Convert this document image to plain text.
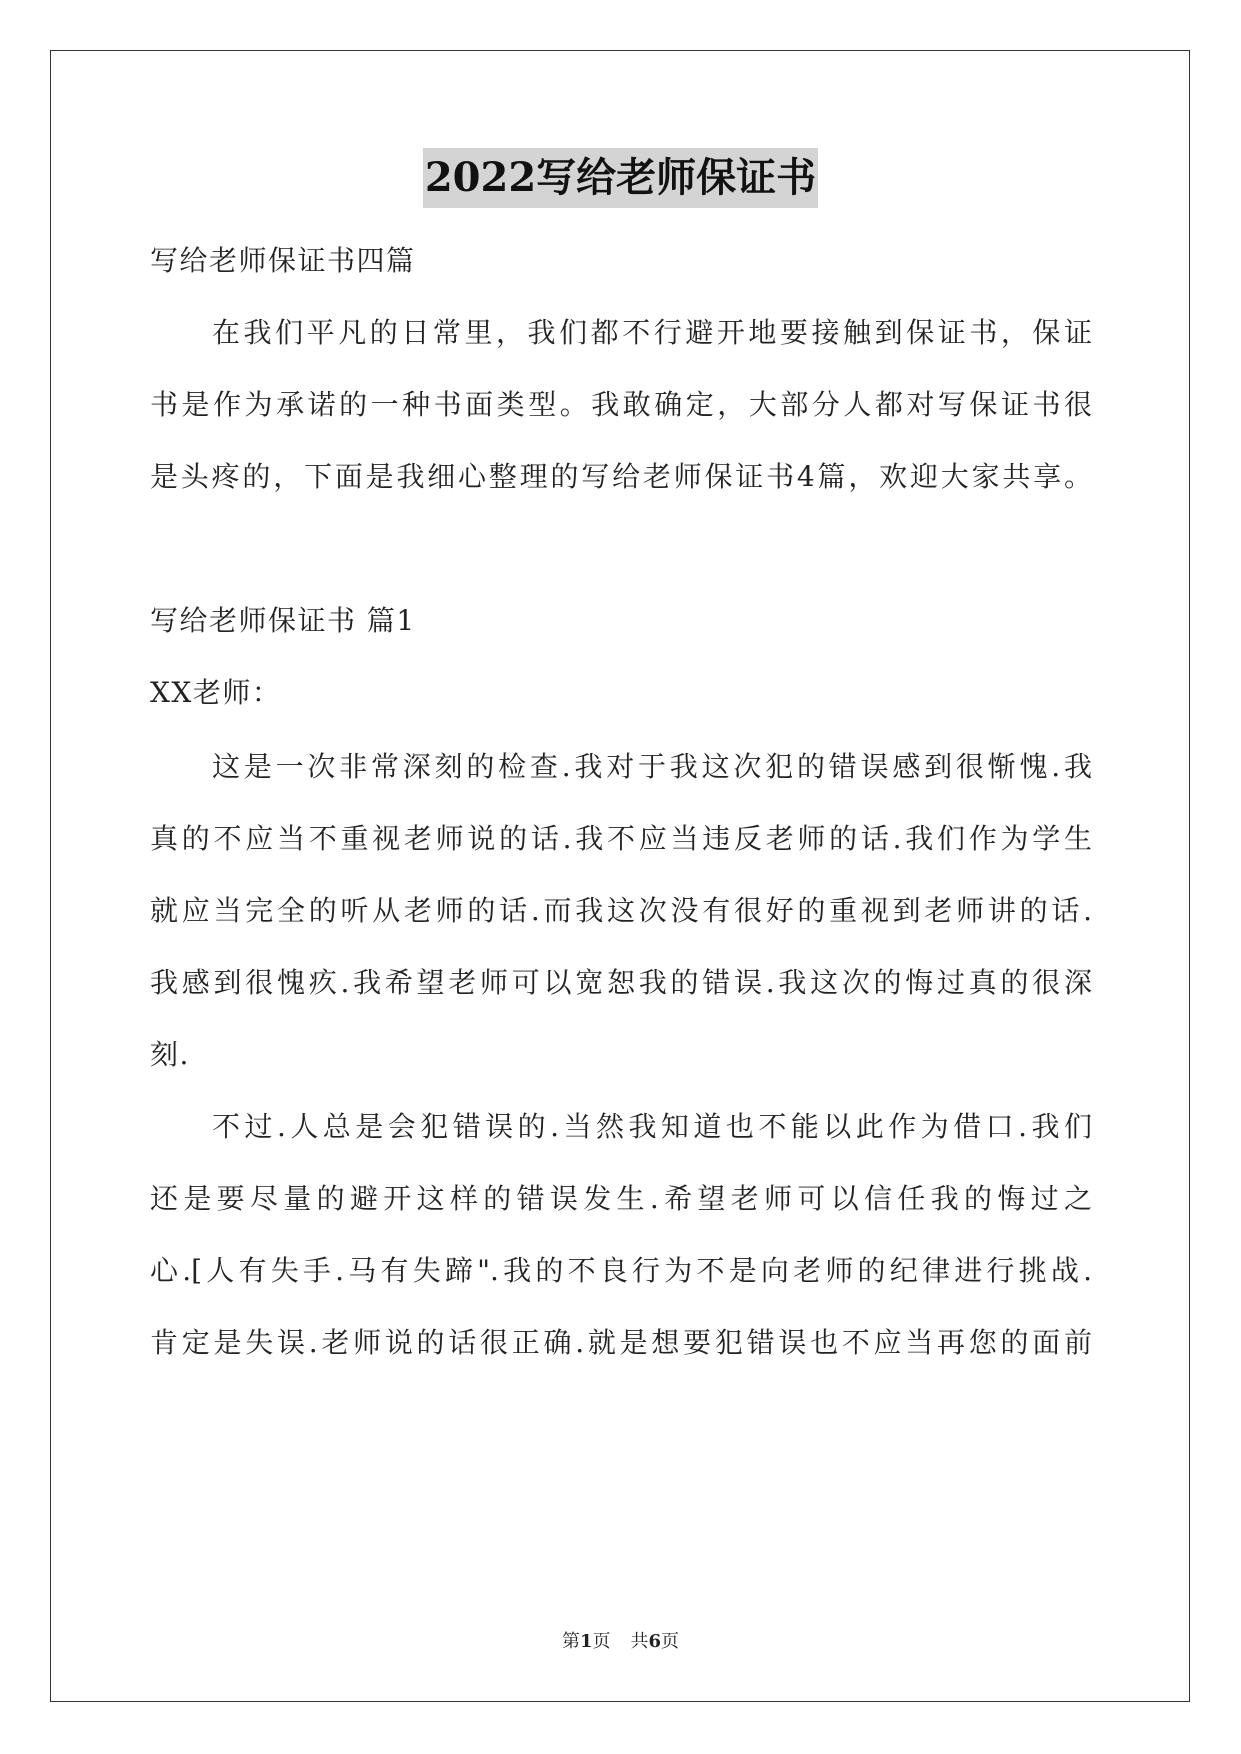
2022写给老师保证书
写给老师保证书四篇
在我们平凡的日常里，我们都不行避开地要接触到保证书，保证
书是作为承诺的一种书面类型。我敢确定，大部分人都对写保证书很
是头疼的，下面是我细心整理的写给老师保证书4篇，欢迎大家共享。
写给老师保证书 篇1
XX老师：
这是一次非常深刻的检查.我对于我这次犯的错误感到很惭愧.我
真的不应当不重视老师说的话.我不应当违反老师的话.我们作为学生
就应当完全的听从老师的话.而我这次没有很好的重视到老师讲的话.
我感到很愧疚.我希望老师可以宽恕我的错误.我这次的悔过真的很深
刻.
不过.人总是会犯错误的.当然我知道也不能以此作为借口.我们
还是要尽量的避开这样的错误发生.希望老师可以信任我的悔过之
心.[人有失手.马有失蹄".我的不良行为不是向老师的纪律进行挑战.
肯定是失误.老师说的话很正确.就是想要犯错误也不应当再您的面前
第1页 共6页
